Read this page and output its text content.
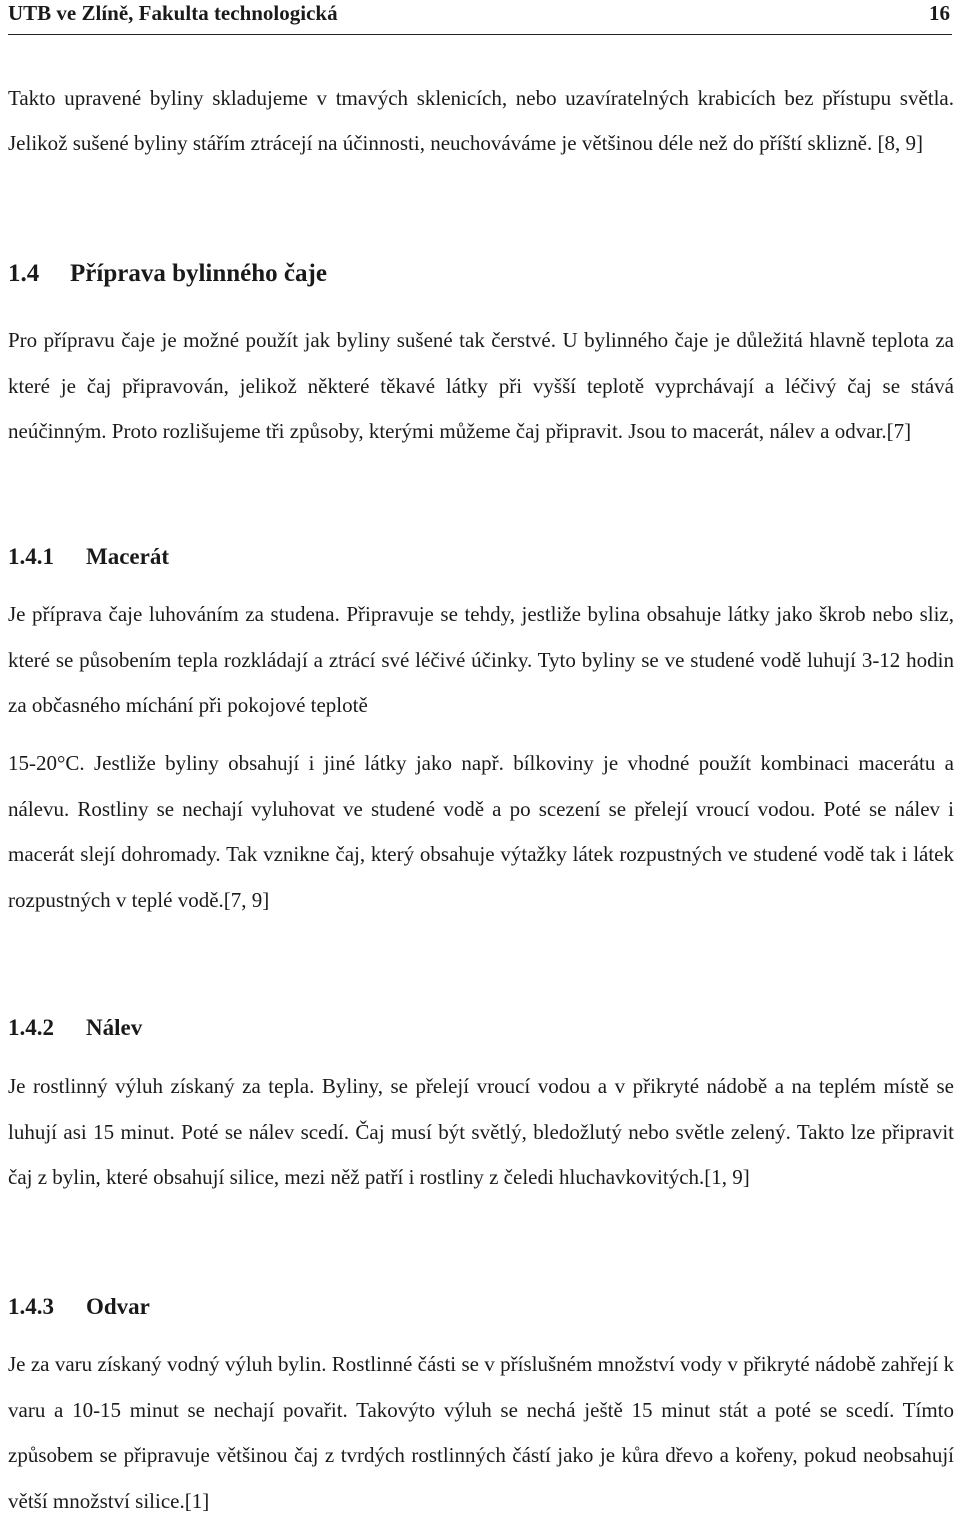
UTB ve Zlíně, Fakulta technologická	16
Takto upravené byliny skladujeme v tmavých sklenicích, nebo uzavíratelných krabicích bez přístupu světla. Jelikož sušené byliny stářím ztrácejí na účinnosti, neuchováváme je většinou déle než do příští sklizně. [8, 9]
1.4 Příprava bylinného čaje
Pro přípravu čaje je možné použít jak byliny sušené tak čerstvé. U bylinného čaje je důležitá hlavně teplota za které je čaj připravován, jelikož některé těkavé látky při vyšší teplotě vyprchávají a léčivý čaj se stává neúčinným. Proto rozlišujeme tři způsoby, kterými můžeme čaj připravit. Jsou to macerát, nálev a odvar.[7]
1.4.1 Macerát
Je příprava čaje luhováním za studena. Připravuje se tehdy, jestliže bylina obsahuje látky jako škrob nebo sliz, které se působením tepla rozkládají a ztrácí své léčivé účinky. Tyto byliny se ve studené vodě luhují 3-12 hodin za občasného míchání při pokojové teplotě
15-20°C. Jestliže byliny obsahují i jiné látky jako např. bílkoviny je vhodné použít kombinaci macerátu a nálevu. Rostliny se nechají vyluhovat ve studené vodě a po scezení se přelejí vroucí vodou. Poté se nálev i macerát slejí dohromady. Tak vznikne čaj, který obsahuje výtažky látek rozpustných ve studené vodě tak i látek rozpustných v teplé vodě.[7, 9]
1.4.2 Nálev
Je rostlinný výluh získaný za tepla. Byliny, se přelejí vroucí vodou a v přikryté nádobě a na teplém místě se luhují asi 15 minut. Poté se nálev scedí. Čaj musí být světlý, bledožlutý nebo světle zelený. Takto lze připravit čaj z bylin, které obsahují silice, mezi něž patří i rostliny z čeledi hluchavkovitých.[1, 9]
1.4.3 Odvar
Je za varu získaný vodný výluh bylin. Rostlinné části se v příslušném množství vody v přikryté nádobě zahřejí k varu a 10-15 minut se nechají povařit. Takovýto výluh se nechá ještě 15 minut stát a poté se scedí. Tímto způsobem se připravuje většinou čaj z tvrdých rostlinných částí jako je kůra dřevo a kořeny, pokud neobsahují větší množství silice.[1]
